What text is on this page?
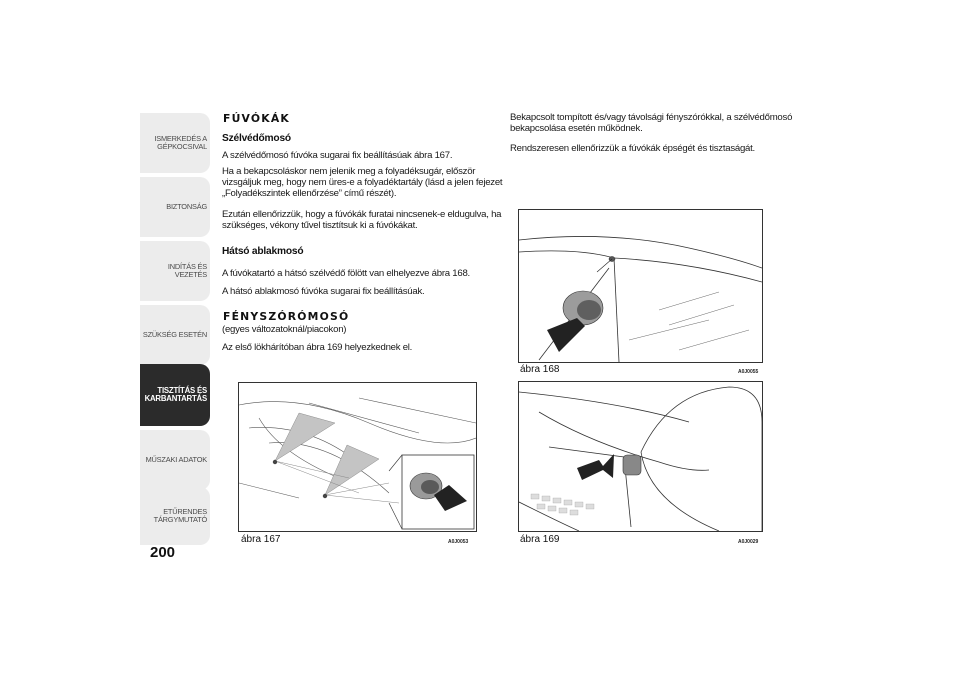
ISMERKEDÉS A
GÉPKOCSIVAL
BIZTONSÁG
INDÍTÁS ÉS VEZETÉS
SZÜKSÉG ESETÉN
TISZTÍTÁS ÉS
KARBANTARTÁS
MŰSZAKI ADATOK
ETŰRENDES
TÁRGYMUTATÓ
200
FÚVÓKÁK
Szélvédőmosó
A szélvédőmosó fúvóka sugarai fix beállításúak ábra 167.
Ha a bekapcsoláskor nem jelenik meg a folyadéksugár, először
vizsgáljuk meg, hogy nem üres-e a folyadéktartály (lásd a jelen fejezet
„Folyadékszintek ellenőrzése” című részét).
Ezután ellenőrizzük, hogy a fúvókák furatai nincsenek-e eldugulva, ha
szükséges, vékony tűvel tisztítsuk ki a fúvókákat.
Hátsó ablakmosó
A fúvókatartó a hátsó szélvédő fölött van elhelyezve ábra 168.
A hátsó ablakmosó fúvóka sugarai fix beállításúak.
FÉNYSZÓRÓMOSÓ
(egyes változatoknál/piacokon)
Az első lökhárítóban ábra 169 helyezkednek el.
Bekapcsolt tompított és/vagy távolsági fényszórókkal, a szélvédőmosó
bekapcsolása esetén működnek.
Rendszeresen ellenőrizzük a fúvókák épségét és tisztaságát.
ábra 167	A0J0053
ábra 168	A0J0055
ábra 169	A0J0029
